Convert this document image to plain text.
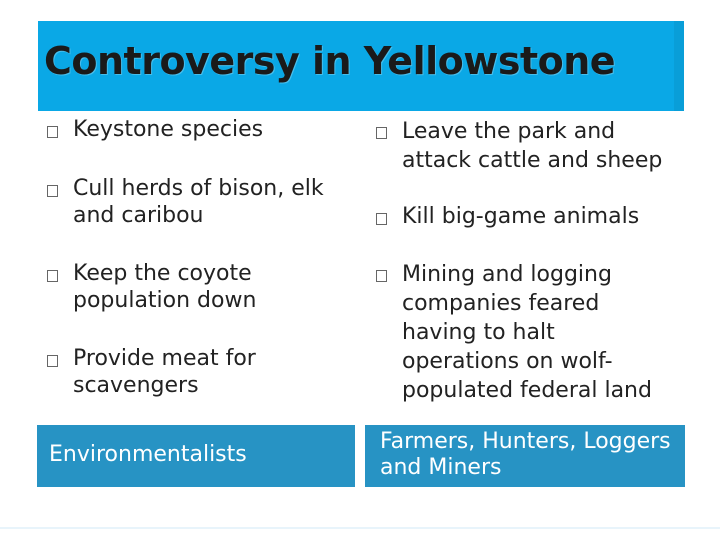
Controversy in Yellowstone
Keystone species
Cull herds of bison, elk and caribou
Keep the coyote population down
Provide meat for scavengers
Leave the park and attack cattle and sheep
Kill big-game animals
Mining and logging companies feared having to halt operations on wolf-populated federal land
Environmentalists
Farmers, Hunters, Loggers and Miners
